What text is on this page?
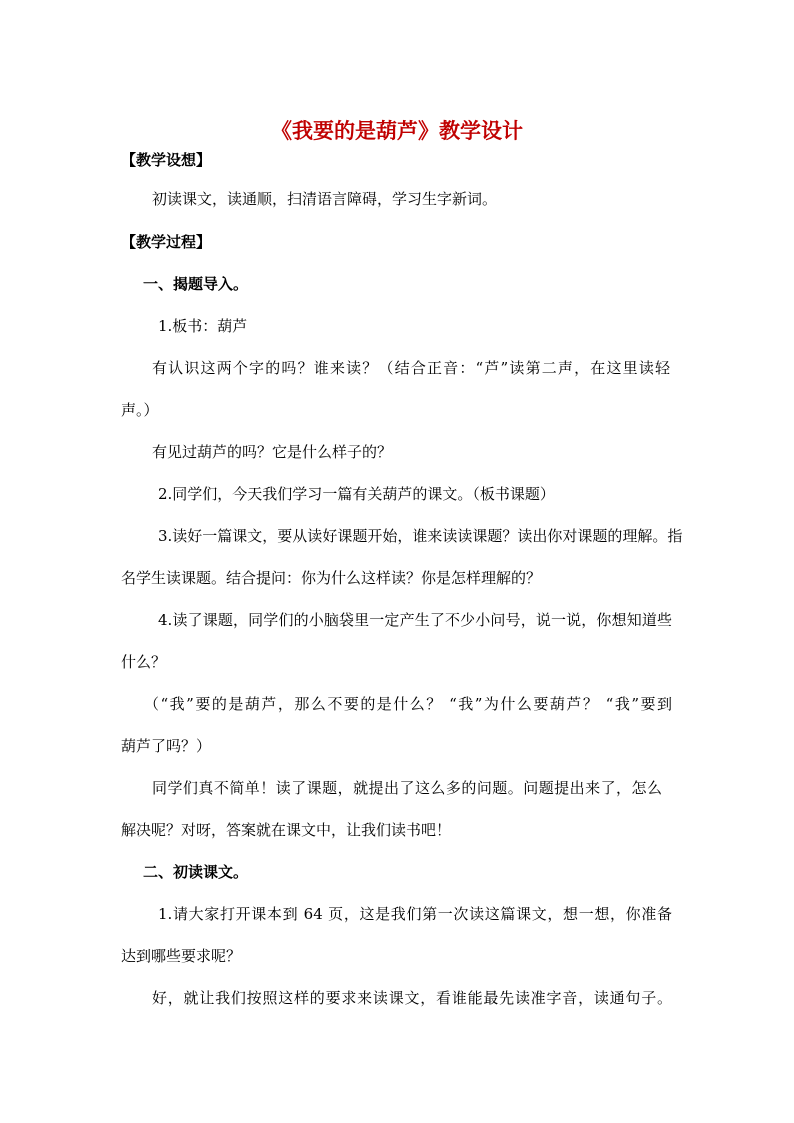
《我要的是葫芦》教学设计

【教学设想】

初读课文，读通顺，扫清语言障碍，学习生字新词。

【教学过程】

一、揭题导入。

1.板书：葫芦

有认识这两个字的吗？谁来读？（结合正音：“芦”读第二声，在这里读轻

声。）

有见过葫芦的吗？它是什么样子的？

2.同学们，今天我们学习一篇有关葫芦的课文。（板书课题）

3.读好一篇课文，要从读好课题开始，谁来读读课题？读出你对课题的理解。指

名学生读课题。结合提问：你为什么这样读？你是怎样理解的？

4.读了课题，同学们的小脑袋里一定产生了不少小问号，说一说，你想知道些

什么？

（“我”要的是葫芦，那么不要的是什么？ “我”为什么要葫芦？ “我”要到

葫芦了吗？）

同学们真不简单！读了课题，就提出了这么多的问题。问题提出来了，怎么

解决呢？对呀，答案就在课文中，让我们读书吧！

二、初读课文。

1.请大家打开课本到 64 页，这是我们第一次读这篇课文，想一想，你准备

达到哪些要求呢？

好，就让我们按照这样的要求来读课文，看谁能最先读准字音，读通句子。
